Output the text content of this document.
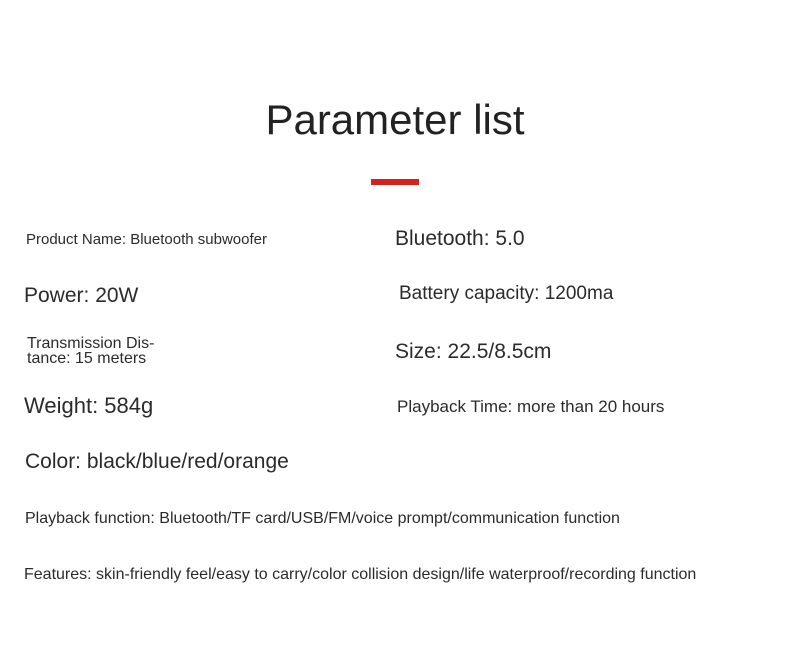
Parameter list
Product Name: Bluetooth subwoofer	Bluetooth: 5.0
Power: 20W	Battery capacity: 1200ma
Transmission Dis-tance: 15 meters	Size: 22.5/8.5cm
Weight: 584g	Playback Time: more than 20 hours
Color: black/blue/red/orange
Playback function: Bluetooth/TF card/USB/FM/voice prompt/communication function
Features: skin-friendly feel/easy to carry/color collision design/life waterproof/recording function
